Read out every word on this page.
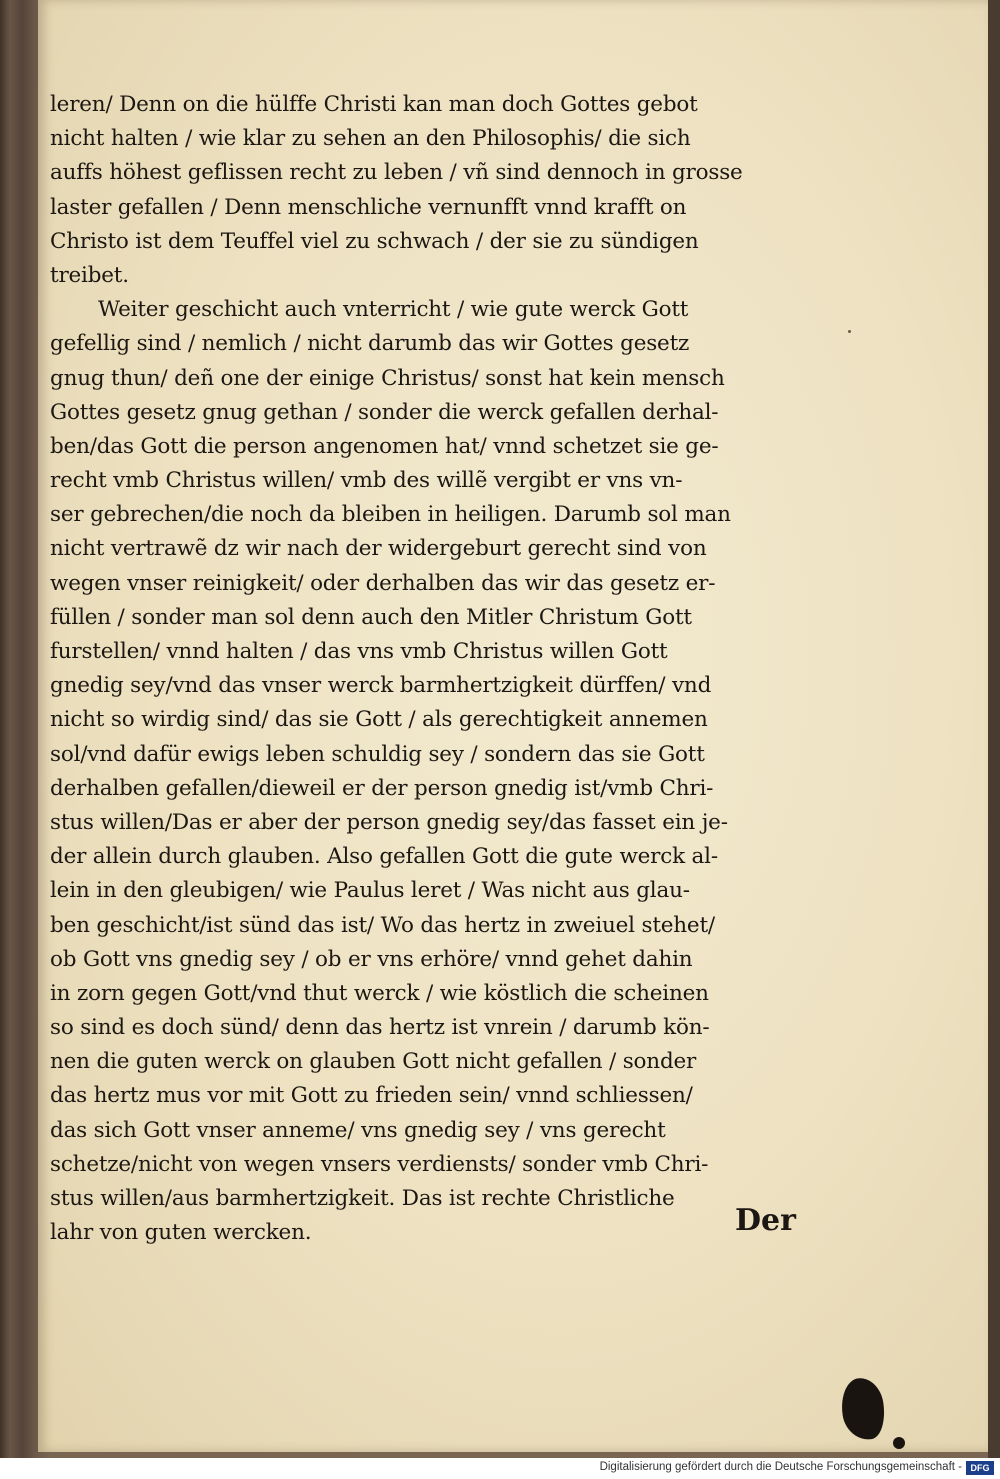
leren/ Denn on die hülffe Christi kan man doch Gottes gebot
nicht halten / wie klar zu sehen an den Philosophis/ die sich
auffs höhest geflissen recht zu leben / vñ sind dennoch in grosse
laster gefallen / Denn menschliche vernunfft vnnd krafft on
Christo ist dem Teuffel viel zu schwach / der sie zu sündigen
treibet.
Weiter geschicht auch vnterricht / wie gute werck Gott
gefellig sind / nemlich / nicht darumb das wir Gottes gesetz
gnug thun/ deñ one der einige Christus/ sonst hat kein mensch
Gottes gesetz gnug gethan / sonder die werck gefallen derhal-
ben/das Gott die person angenomen hat/ vnnd schetzet sie ge-
recht vmb Christus willen/ vmb des willẽ vergibt er vns vn-
ser gebrechen/die noch da bleiben in heiligen. Darumb sol man
nicht vertrawẽ dz wir nach der widergeburt gerecht sind von
wegen vnser reinigkeit/ oder derhalben das wir das gesetz er-
füllen / sonder man sol denn auch den Mitler Christum Gott
furstellen/ vnnd halten / das vns vmb Christus willen Gott
gnedig sey/vnd das vnser werck barmhertzigkeit dürffen/ vnd
nicht so wirdig sind/ das sie Gott / als gerechtigkeit annemen
sol/vnd dafür ewigs leben schuldig sey / sondern das sie Gott
derhalben gefallen/dieweil er der person gnedig ist/vmb Chri-
stus willen/Das er aber der person gnedig sey/das fasset ein je-
der allein durch glauben. Also gefallen Gott die gute werck al-
lein in den gleubigen/ wie Paulus leret / Was nicht aus glau-
ben geschicht/ist sünd das ist/ Wo das hertz in zweiuel stehet/
ob Gott vns gnedig sey / ob er vns erhöre/ vnnd gehet dahin
in zorn gegen Gott/vnd thut werck / wie köstlich die scheinen
so sind es doch sünd/ denn das hertz ist vnrein / darumb kön-
nen die guten werck on glauben Gott nicht gefallen / sonder
das hertz mus vor mit Gott zu frieden sein/ vnnd schliessen/
das sich Gott vnser anneme/ vns gnedig sey / vns gerecht
schetze/nicht von wegen vnsers verdiensts/ sonder vmb Chri-
stus willen/aus barmhertzigkeit. Das ist rechte Christliche
lahr von guten wercken.	Der
Digitalisierung gefördert durch die Deutsche Forschungsgemeinschaft - DFG
